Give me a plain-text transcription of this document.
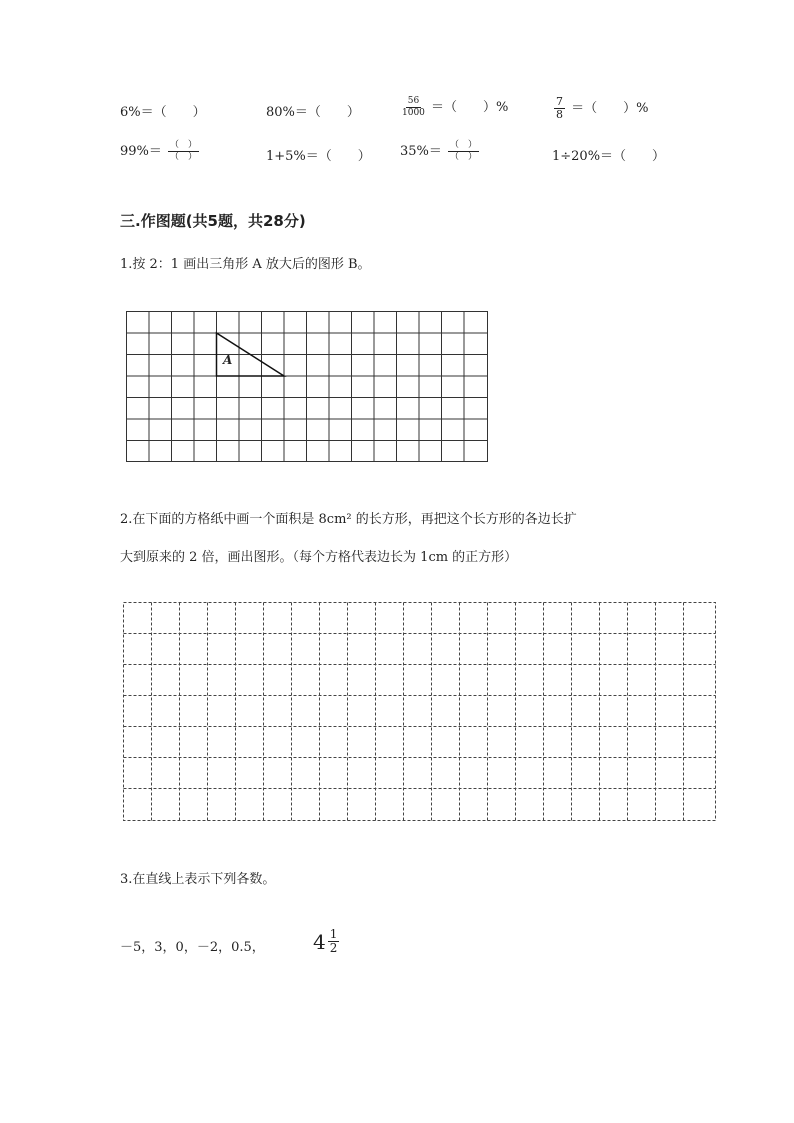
6%＝（　　）	80%＝（　　）	$\frac{56}{1000}$ ＝（　　）%	$\frac{7}{8}$ ＝（　　）%
$99\%= \frac{( )}{( )}$	1+5%＝（　　） $35\%= \frac{( )}{( )}$	1÷20%＝（　　）
三.作图题(共5题，共28分)
1.按 2：1 画出三角形 A 放大后的图形 B。
A
2.在下面的方格纸中画一个面积是 8cm² 的长方形，再把这个长方形的各边长扩
大到原来的 2 倍，画出图形。（每个方格代表边长为 1cm 的正方形）
3.在直线上表示下列各数。
－5，3，0，－2，0.5， $4 \frac{1}{2}$
